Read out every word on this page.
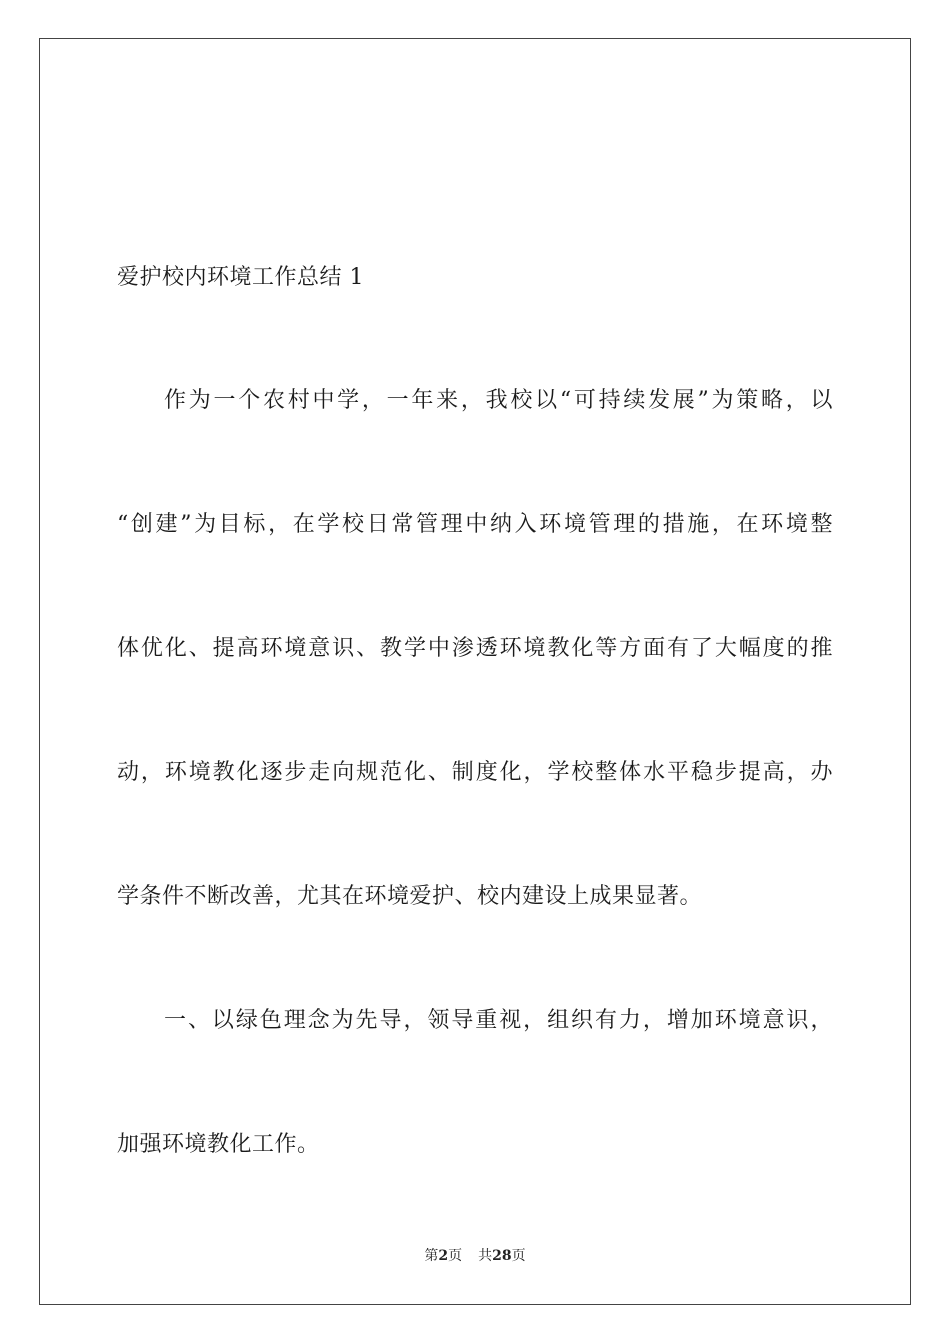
爱护校内环境工作总结 1
作为一个农村中学，一年来，我校以“可持续发展”为策略，以
“创建”为目标，在学校日常管理中纳入环境管理的措施，在环境整
体优化、提高环境意识、教学中渗透环境教化等方面有了大幅度的推
动，环境教化逐步走向规范化、制度化，学校整体水平稳步提高，办
学条件不断改善，尤其在环境爱护、校内建设上成果显著。
一、以绿色理念为先导，领导重视，组织有力，增加环境意识，
加强环境教化工作。
第2页 共28页
